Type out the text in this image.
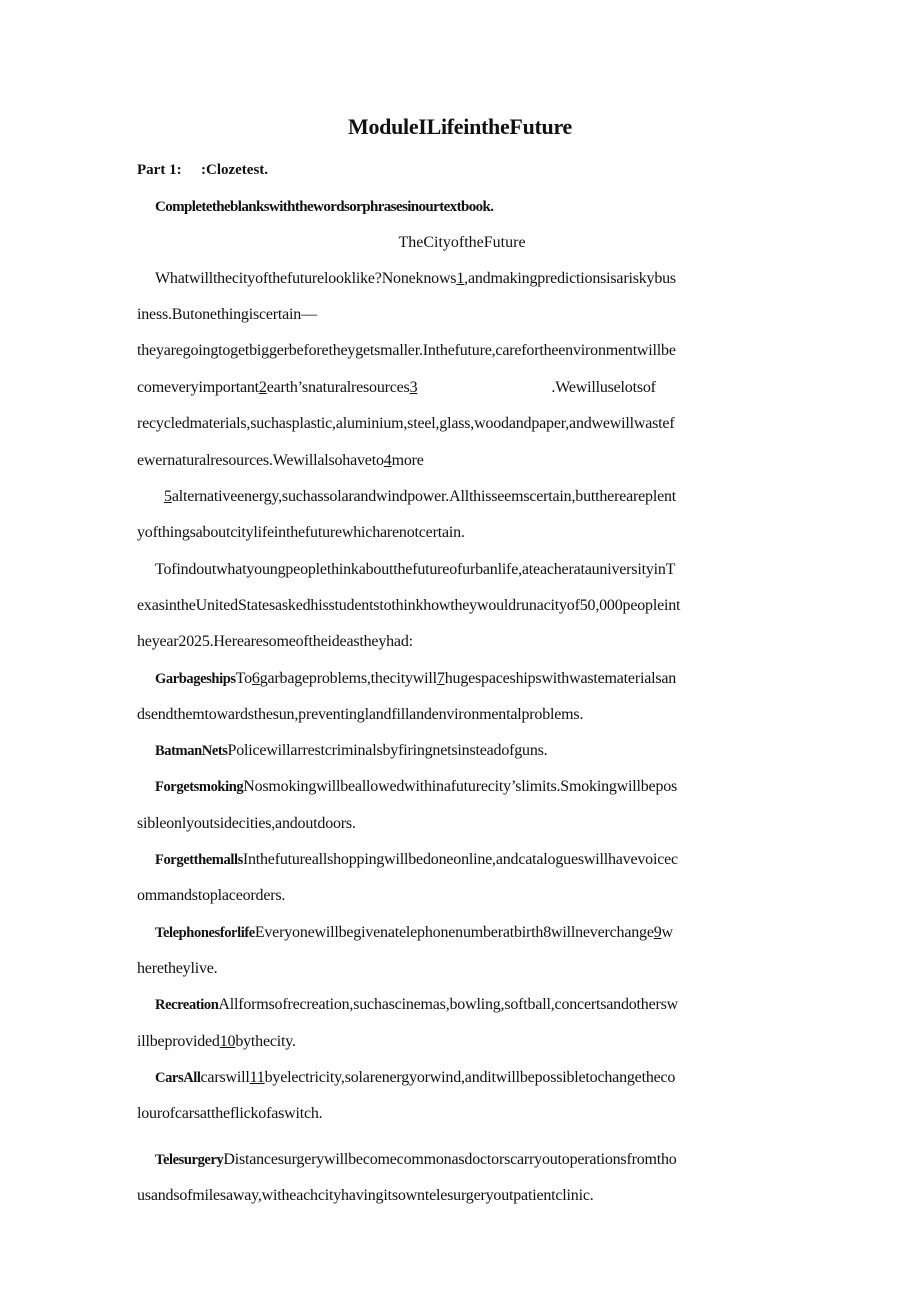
ModuleILifeintheFuture
Part 1: :Clozetest.
Completetheblankswiththewordsorphrasesinourtextbook.
TheCityoftheFuture
Whatwillthecityofthefuturelooklike?Noneknows1,andmakingpredictionsisariskybus
iness.Butonethingiscertain—
theyaregoingtogetbiggerbeforetheygetsmaller.Inthefuture,carefortheenvironmentwillbe
comeveryimportant2earth’snaturalresources3	.Wewilluselotsof
recycledmaterials,suchasplastic,aluminium,steel,glass,woodandpaper,andwewillwastef
ewernaturalresources.Wewillalsohaveto4more
5alternativeenergy,suchassolarandwindpower.Allthisseemscertain,butthereareplent
yofthingsaboutcitylifeinthefuturewhicharenotcertain.
Tofindoutwhatyoungpeoplethinkaboutthefutureofurbanlife,ateacheratauniversityinT
exasintheUnitedStatesaskedhisstudentstothinkhowtheywouldrunacityof50,000peopleint
heyear2025.Herearesomeoftheideastheyhad:
GarbageshipsTo6garbageproblems,thecitywill7hugespaceshipswithwastematerialsan
dsendthemtowardsthesun,preventinglandfillandenvironmentalproblems.
BatmanNetsPolicewillarrestcriminalsbyfiringnetsinsteadofguns.
ForgetsmokingNosmokingwillbeallowedwithinafuturecity’slimits.Smokingwillbepos
sibleonlyoutsidecities,andoutdoors.
ForgetthemallsInthefutureallshoppingwillbedoneonline,andcatalogueswillhavevoicec
ommandstoplaceorders.
TelephonesforlifeEveryonewillbegivenatelephonenumberatbirth8willneverchange9w
heretheylive.
RecreationAllformsofrecreation,suchascinemas,bowling,softball,concertsandothersw
illbeprovided10bythecity.
CarsAllcarswill11byelectricity,solarenergyorwind,anditwillbepossibletochangetheco
lourofcarsattheflickofaswitch.
TelesurgeryDistancesurgerywillbecomecommonasdoctorscarryoutoperationsfromtho
usandsofmilesaway,witheachcityhavingitsowntelesurgeryoutpatientclinic.
